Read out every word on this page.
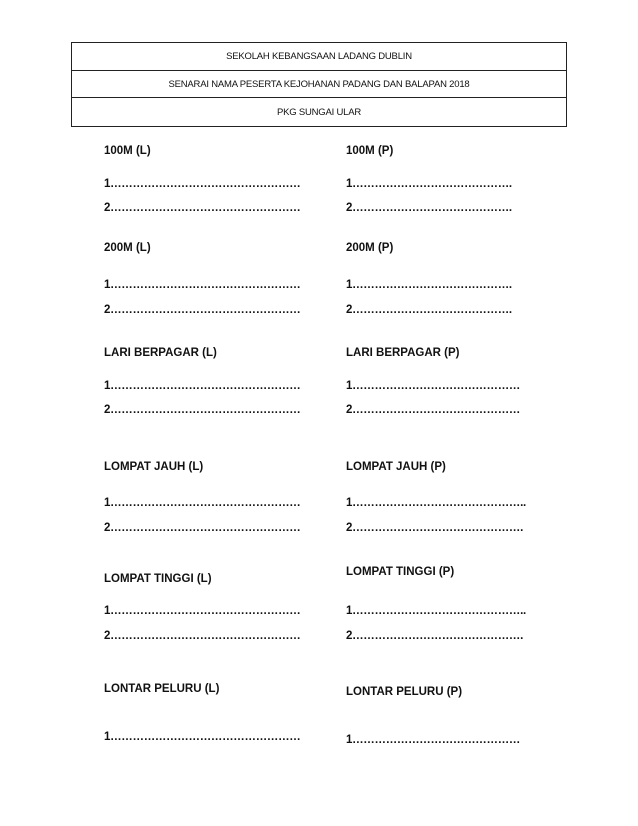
SEKOLAH KEBANGSAAN LADANG DUBLIN
SENARAI NAMA PESERTA KEJOHANAN PADANG DAN BALAPAN 2018
PKG SUNGAI ULAR
100M (L)
1……………………………………………
2……………………………………………
200M (L)
1……………………………………………
2……………………………………………
LARI BERPAGAR (L)
1……………………………………………
2……………………………………………
LOMPAT JAUH (L)
1……………………………………………
2……………………………………………
LOMPAT TINGGI (L)
1……………………………………………
2……………………………………………
LONTAR PELURU (L)
1……………………………………………
100M (P)
1…………………………………….
2…………………………………….
200M (P)
1…………………………………….
2…………………………………….
LARI BERPAGAR (P)
1………………………………………
2………………………………………
LOMPAT JAUH (P)
1………………………………………..
2……………………………………….
LOMPAT TINGGI (P)
1………………………………………..
2……………………………………….
LONTAR PELURU (P)
1………………………………………
